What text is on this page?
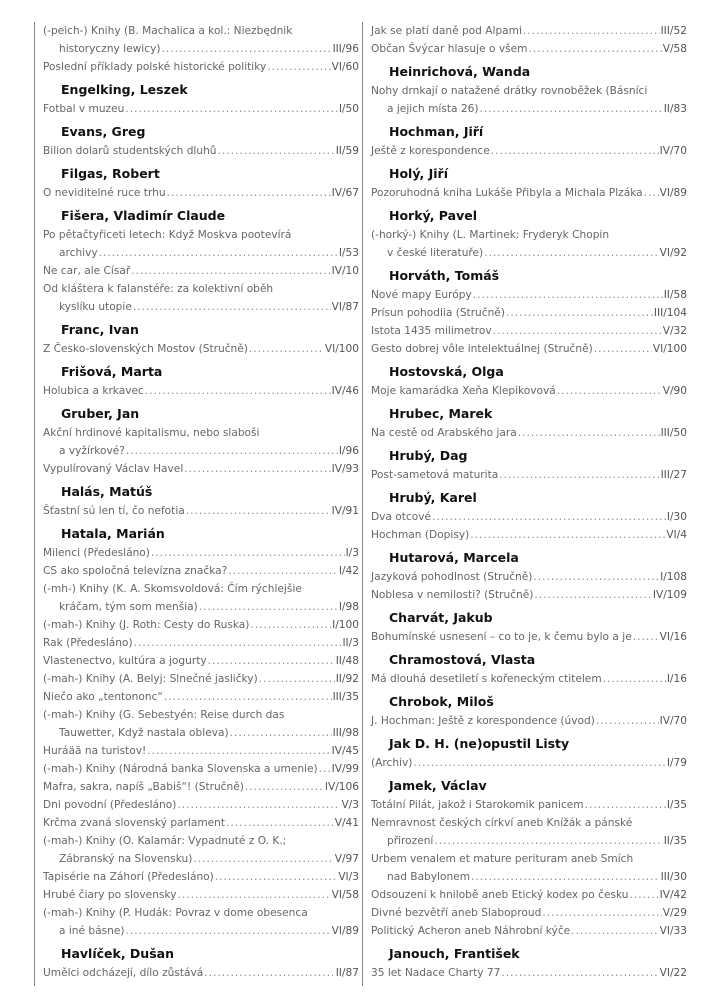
(-peich-) Knihy (B. Machalica a kol.: Niezbędnik
historyczny lewicy) .....	III/96
Poslední příklady polské historické politiky .....	VI/60
Engelking, Leszek
Fotbal v muzeu .....	I/50
Evans, Greg
Bilion dolarů studentských dluhů .....	II/59
Filgas, Robert
O neviditelné ruce trhu .....	IV/67
Fišera, Vladimír Claude
Po pětačtyřiceti letech: Když Moskva pootevírá
archivy .....	I/53
Ne car, ale Císař .....	IV/10
Od kláštera k falanstéře: za kolektivní oběh
kyslíku utopie .....	VI/87
Franc, Ivan
Z Česko-slovenských Mostov (Stručně) .....	VI/100
Frišová, Marta
Holubica a krkavec .....	IV/46
Gruber, Jan
Akční hrdinové kapitalismu, nebo slaboši
a vyžírkové? .....	I/96
Vypulírovaný Václav Havel .....	IV/93
Halás, Matúš
Šťastní sú len tí, čo nefotia .....	IV/91
Hatala, Marián
Milenci (Předesláno) .....	I/3
CS ako spoločná televízna značka? .....	I/42
(-mh-) Knihy (K. A. Skomsvoldová: Čím rýchlejšie
kráčam, tým som menšia) .....	I/98
(-mah-) Knihy (J. Roth: Cesty do Ruska) .....	I/100
Rak (Předesláno) .....	II/3
Vlastenectvo, kultúra a jogurty .....	II/48
(-mah-) Knihy (A. Belyj: Slnečné jasličky) .....	II/92
Niečo ako „tentononc“ .....	III/35
(-mah-) Knihy (G. Sebestyén: Reise durch das
Tauwetter, Když nastala obleva) .....	III/98
Huráää na turistov! .....	IV/45
(-mah-) Knihy (Národná banka Slovenska a umenie) ..... IV/99
Mafra, sakra, napíš „Babiš“! (Stručně) .....	IV/106
Dni povodní (Předesláno) .....	V/3
Krčma zvaná slovenský parlament .....	V/41
(-mah-) Knihy (O. Kalamár: Vypadnuté z O. K.;
Zábranský na Slovensku) .....	V/97
Tapisérie na Záhorí (Předesláno) .....	VI/3
Hrubé čiary po slovensky .....	VI/58
(-mah-) Knihy (P. Hudák: Povraz v dome obesenca
a iné básne) .....	VI/89
Havlíček, Dušan
Umělci odcházejí, dílo zůstává .....	II/87
Jak se platí daně pod Alpami .....	III/52
Občan Švýcar hlasuje o všem .....	V/58
Heinrichová, Wanda
Nohy drnkají o natažené drátky rovnoběžek (Básníci
a jejich místa 26) .....	II/83
Hochman, Jiří
Ještě z korespondence .....	IV/70
Holý, Jiří
Pozoruhodná kniha Lukáše Přibyla a Michala Plzáka ..... VI/89
Horký, Pavel
(-horký-) Knihy (L. Martinek: Fryderyk Chopin
v české literatuře) .....	VI/92
Horváth, Tomáš
Nové mapy Európy .....	II/58
Prísun pohodlia (Stručně) .....	III/104
Istota 1435 milimetrov .....	V/32
Gesto dobrej vôle intelektuálnej (Stručně) .....	VI/100
Hostovská, Olga
Moje kamarádka Xeňa Klepikovová .....	V/90
Hrubec, Marek
Na cestě od Arabského jara .....	III/50
Hrubý, Dag
Post-sametová maturita .....	III/27
Hrubý, Karel
Dva otcové .....	I/30
Hochman (Dopisy) .....	VI/4
Hutarová, Marcela
Jazyková pohodlnost (Stručně) .....	I/108
Noblesa v nemilosti? (Stručně) .....	IV/109
Charvát, Jakub
Bohumínské usnesení – co to je, k čemu bylo a je .....	VI/16
Chramostová, Vlasta
Má dlouhá desetiletí s kořeneckým ctitelem .....	I/16
Chrobok, Miloš
J. Hochman: Ještě z korespondence (úvod) .....	IV/70
Jak D. H. (ne)opustil Listy
(Archiv) .....	I/79
Jamek, Václav
Totální Pilát, jakož i Starokomik panicem .....	I/35
Nemravnost českých církví aneb Knížák a pánské
přirození .....	II/35
Urbem venalem et mature perituram aneb Smích
nad Babylonem .....	III/30
Odsouzeni k hnilobě aneb Etický kodex po česku .....	IV/42
Divné bezvětří aneb Slaboproud .....	V/29
Politický Acheron aneb Náhrobní kýče .....	VI/33
Janouch, František
35 let Nadace Charty 77 .....	VI/22
